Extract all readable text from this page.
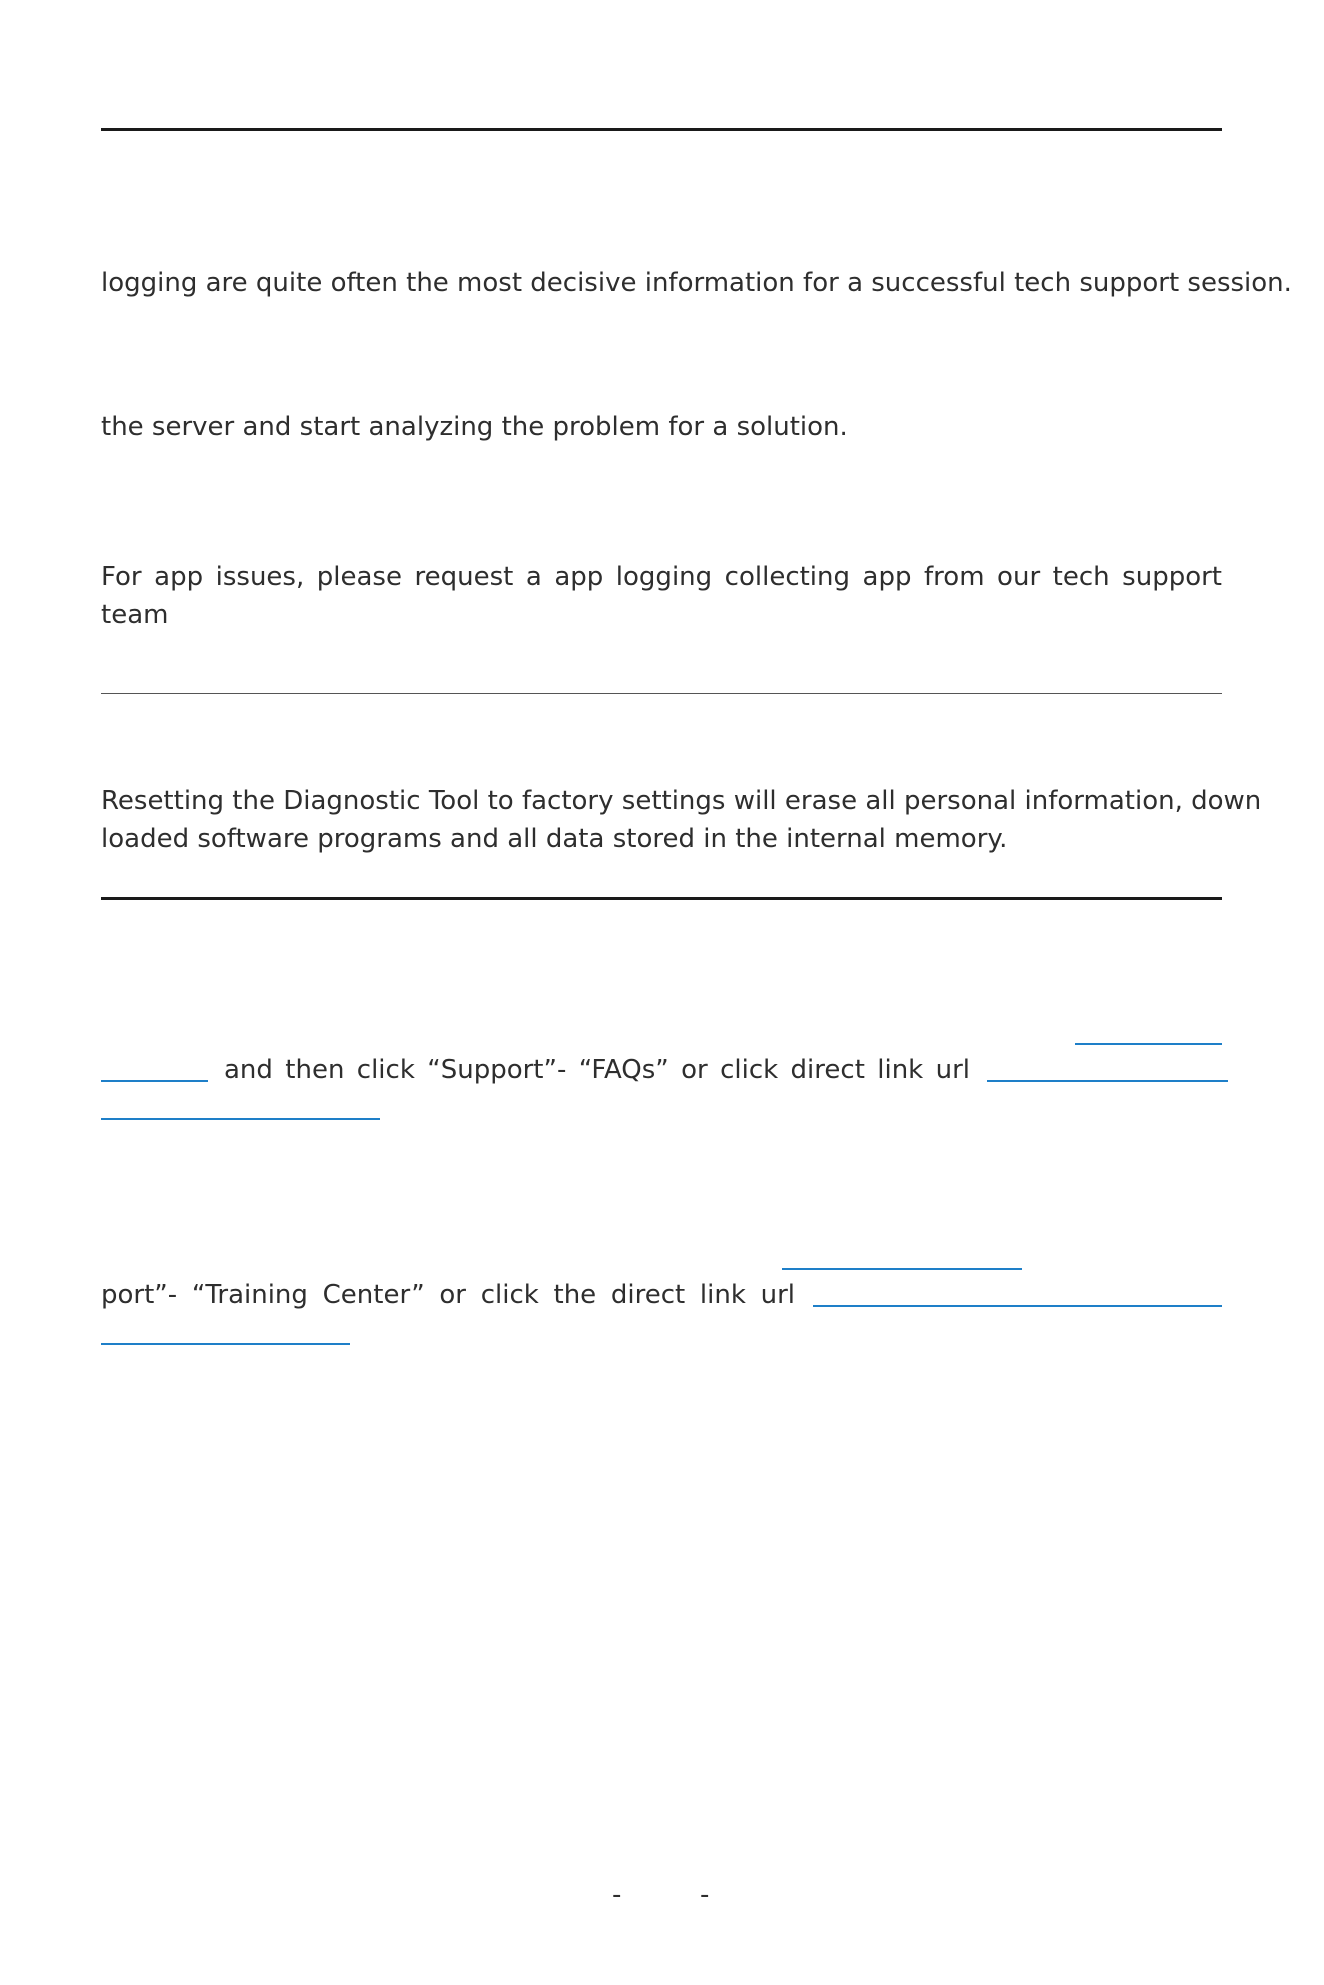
logging are quite often the most decisive information for a successful tech support session.
the server and start analyzing the problem for a solution.
For app issues, please request a app logging collecting app from our tech support team
Resetting the Diagnostic Tool to factory settings will erase all personal information, down
loaded software programs and all data stored in the internal memory.
and then click “Support”- “FAQs” or click direct link url
port”- “Training Center” or click the direct link url
-	-
